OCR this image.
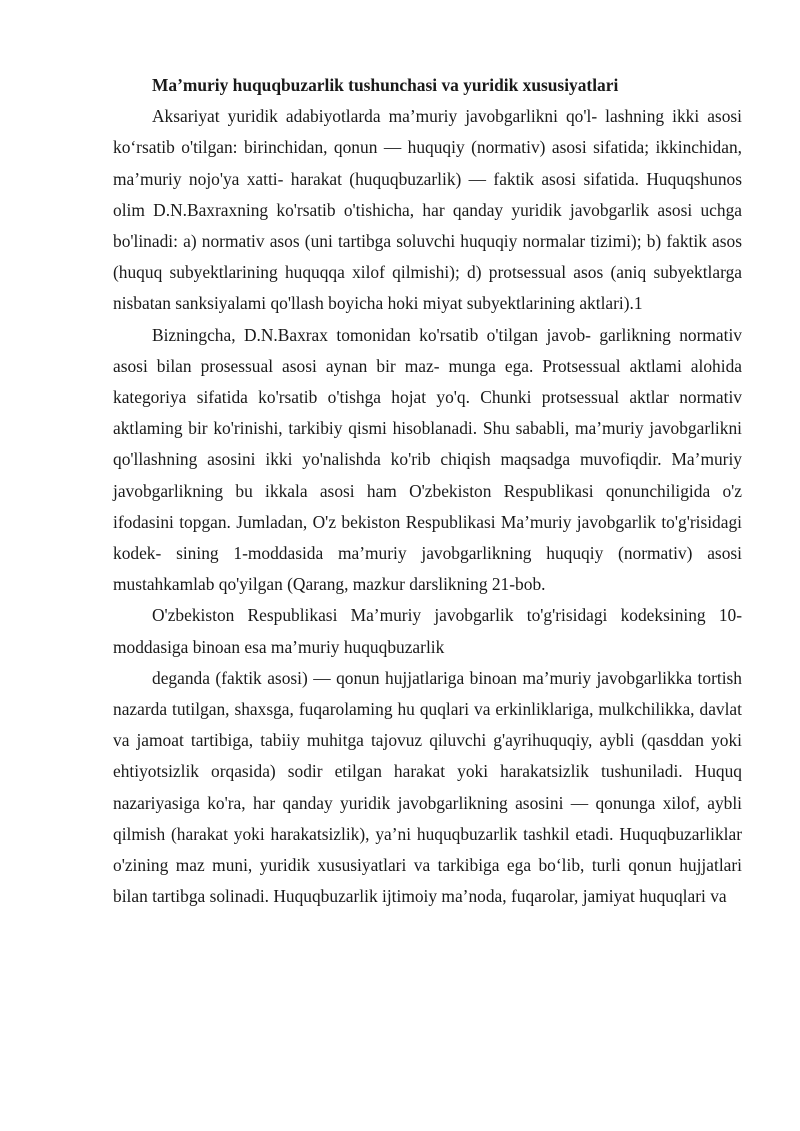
Ma’muriy huquqbuzarlik tushunchasi va yuridik xususiyatlari

Aksariyat yuridik adabiyotlarda ma’muriy javobgarlikni qo'l- lashning ikki asosi ko‘rsatib o'tilgan: birinchidan, qonun — huquqiy (normativ) asosi sifatida; ikkinchidan, ma’muriy nojo'ya xatti- harakat (huquqbuzarlik) — faktik asosi sifatida. Huquqshunos olim D.N.Baxraxning ko'rsatib o'tishicha, har qanday yuridik javobgarlik asosi uchga bo'linadi: a) normativ asos (uni tartibga soluvchi huquqiy normalar tizimi); b) faktik asos (huquq subyektlarining huquqqa xilof qilmishi); d) protsessual asos (aniq subyektlarga nisbatan sanksiyalami qo'llash boyicha hoki miyat subyektlarining aktlari).1

Bizningcha, D.N.Baxrax tomonidan ko'rsatib o'tilgan javob- garlikning normativ asosi bilan prosessual asosi aynan bir maz- munga ega. Protsessual aktlami alohida kategoriya sifatida ko'rsatib o'tishga hojat yo'q. Chunki protsessual aktlar normativ aktlaming bir ko'rinishi, tarkibiy qismi hisoblanadi. Shu sababli, ma’muriy javobgarlikni qo'llashning asosini ikki yo'nalishda ko'rib chiqish maqsadga muvofiqdir. Ma’muriy javobgarlikning bu ikkala asosi ham O'zbekiston Respublikasi qonunchiligida o'z ifodasini topgan. Jumladan, O'z bekiston Respublikasi Ma’muriy javobgarlik to'g'risidagi kodek- sining 1-moddasida ma’muriy javobgarlikning huquqiy (normativ) asosi mustahkamlab qo'yilgan (Qarang, mazkur darslikning 21-bob.

O'zbekiston Respublikasi Ma’muriy javobgarlik to'g'risidagi kodeksining 10-moddasiga binoan esa ma’muriy huquqbuzarlik

deganda (faktik asosi) — qonun hujjatlariga binoan ma’muriy javobgarlikka tortish nazarda tutilgan, shaxsga, fuqarolaming hu quqlari va erkinliklariga, mulkchilikka, davlat va jamoat tartibiga, tabiiy muhitga tajovuz qiluvchi g'ayrihuquqiy, aybli (qasddan yoki ehtiyotsizlik orqasida) sodir etilgan harakat yoki harakatsizlik tushuniladi. Huquq nazariyasiga ko'ra, har qanday yuridik javobgarlikning asosini — qonunga xilof, aybli qilmish (harakat yoki harakatsizlik), ya’ni huquqbuzarlik tashkil etadi. Huquqbuzarliklar o'zining maz muni, yuridik xususiyatlari va tarkibiga ega bo‘lib, turli qonun hujjatlari bilan tartibga solinadi. Huquqbuzarlik ijtimoiy ma’noda, fuqarolar, jamiyat huquqlari va
